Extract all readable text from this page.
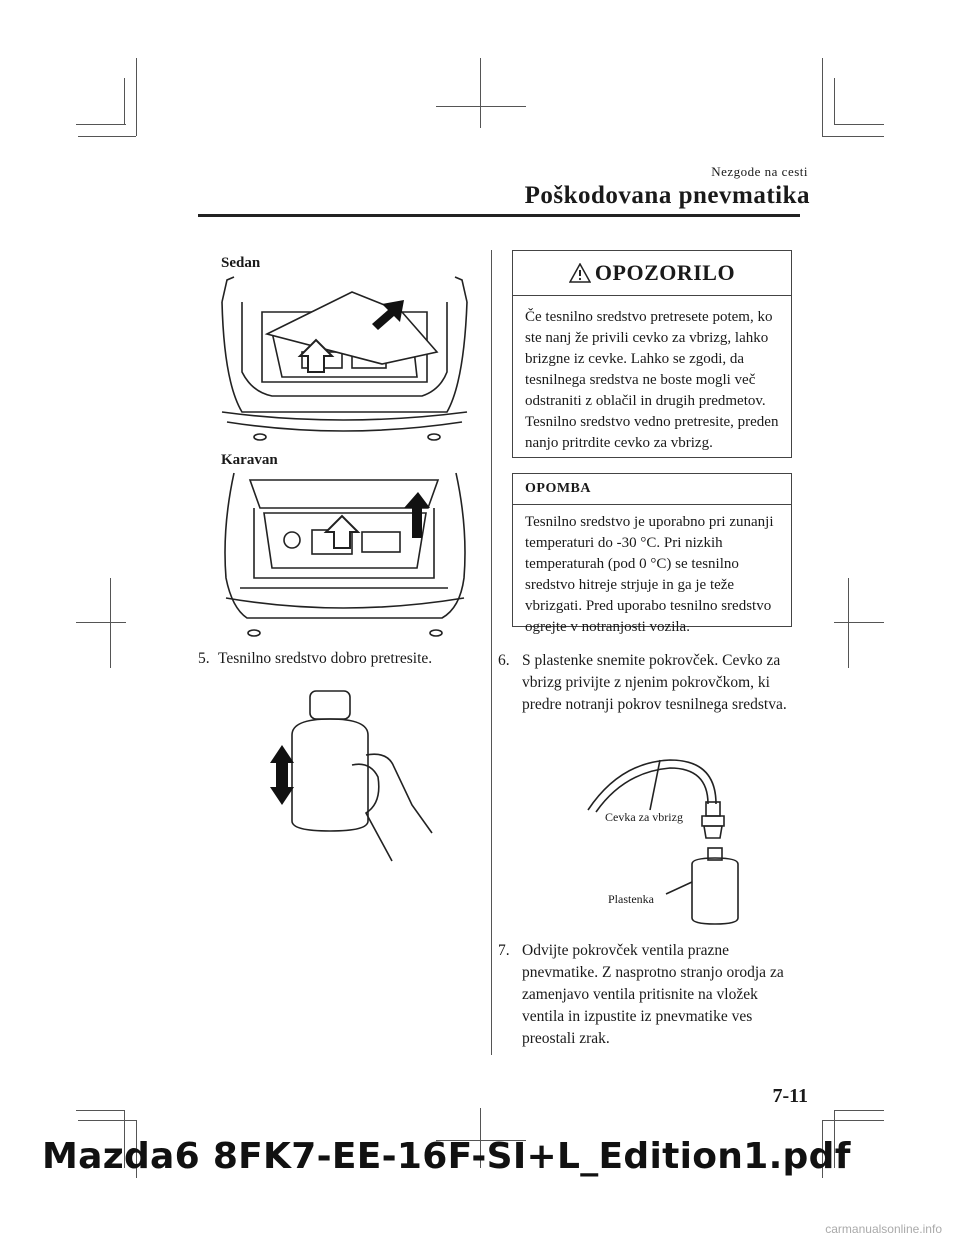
Nezgode na cesti
Poškodovana pnevmatika
Sedan
Karavan
5. Tesnilno sredstvo dobro pretresite.
OPOZORILO
Če tesnilno sredstvo pretresete potem, ko ste nanj že privili cevko za vbrizg, lahko brizgne iz cevke. Lahko se zgodi, da tesnilnega sredstva ne boste mogli več odstraniti z oblačil in drugih predmetov. Tesnilno sredstvo vedno pretresite, preden nanjo pritrdite cevko za vbrizg.
OPOMBA
Tesnilno sredstvo je uporabno pri zunanji temperaturi do -30 °C. Pri nizkih temperaturah (pod 0 °C) se tesnilno sredstvo hitreje strjuje in ga je teže vbrizgati. Pred uporabo tesnilno sredstvo ogrejte v notranjosti vozila.
6. S plastenke snemite pokrovček. Cevko za vbrizg privijte z njenim pokrovčkom, ki predre notranji pokrov tesnilnega sredstva.
Cevka za vbrizg
Plastenka
7. Odvijte pokrovček ventila prazne pnevmatike. Z nasprotno stranjo orodja za zamenjavo ventila pritisnite na vložek ventila in izpustite iz pnevmatike ves preostali zrak.
7-11
Mazda6 8FK7-EE-16F-SI+L_Edition1.pdf
carmanualsonline.info
